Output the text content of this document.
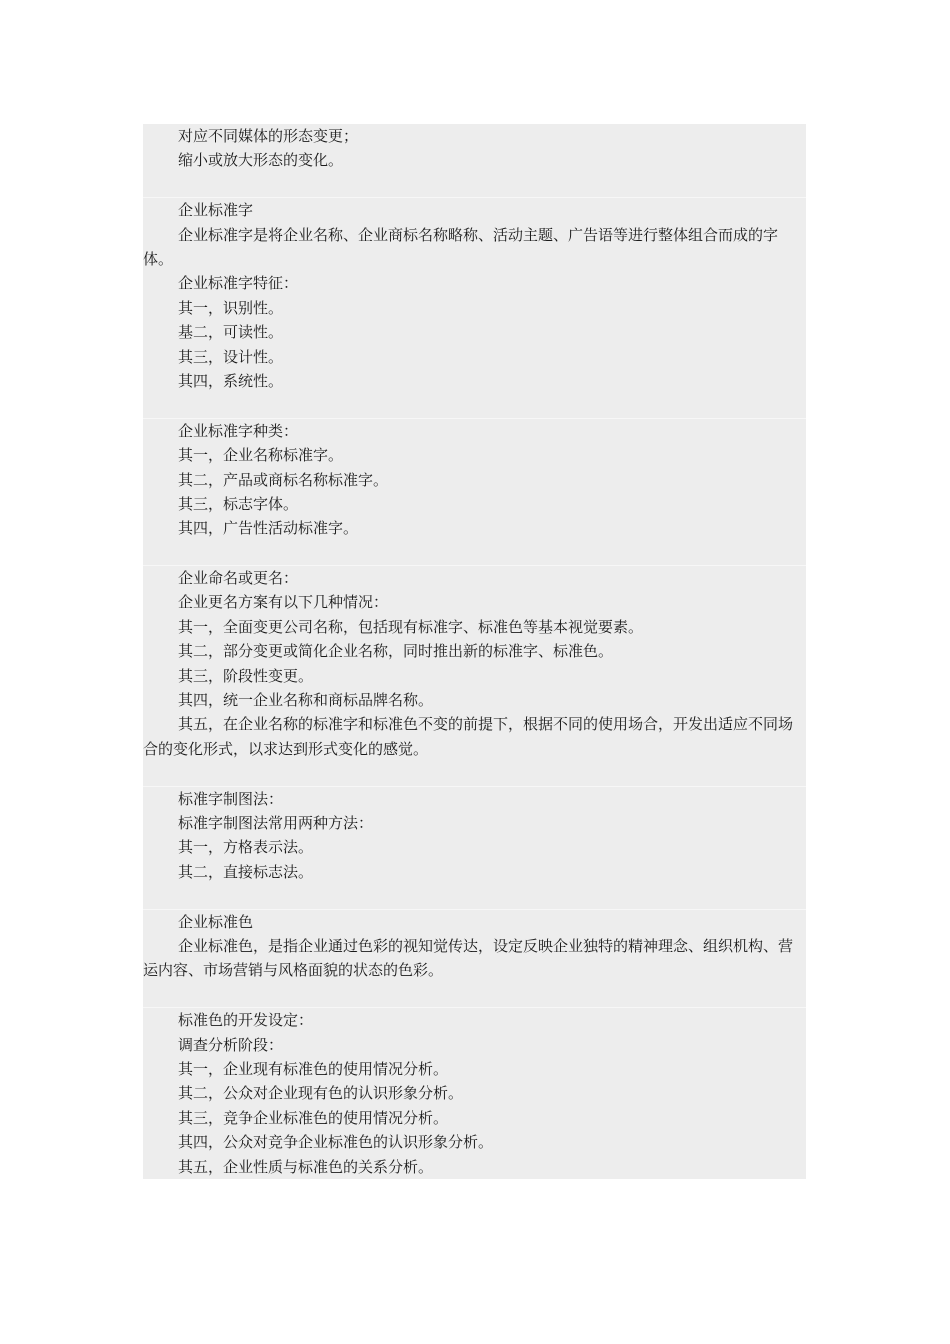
对应不同媒体的形态变更；
缩小或放大形态的变化。
企业标准字

企业标准字是将企业名称、企业商标名称略称、活动主题、广告语等进行整体组合而成的字体。

企业标准字特征：
其一，识别性。
基二，可读性。
其三，设计性。
其四，系统性。
企业标准字种类：
其一，企业名称标准字。
其二，产品或商标名称标准字。
其三，标志字体。
其四，广告性活动标准字。
企业命名或更名：
企业更名方案有以下几种情况：
其一，全面变更公司名称，包括现有标准字、标准色等基本视觉要素。
其二，部分变更或简化企业名称，同时推出新的标准字、标准色。
其三，阶段性变更。
其四，统一企业名称和商标品牌名称。

其五，在企业名称的标准字和标准色不变的前提下，根据不同的使用场合，开发出适应不同场合的变化形式，以求达到形式变化的感觉。

标准字制图法：
标准字制图法常用两种方法：
其一，方格表示法。
其二，直接标志法。
企业标准色

企业标准色，是指企业通过色彩的视知觉传达，设定反映企业独特的精神理念、组织机构、营运内容、市场营销与风格面貌的状态的色彩。

标准色的开发设定：
调查分析阶段：
其一，企业现有标准色的使用情况分析。
其二，公众对企业现有色的认识形象分析。
其三，竞争企业标准色的使用情况分析。
其四，公众对竞争企业标准色的认识形象分析。
其五，企业性质与标准色的关系分析。
